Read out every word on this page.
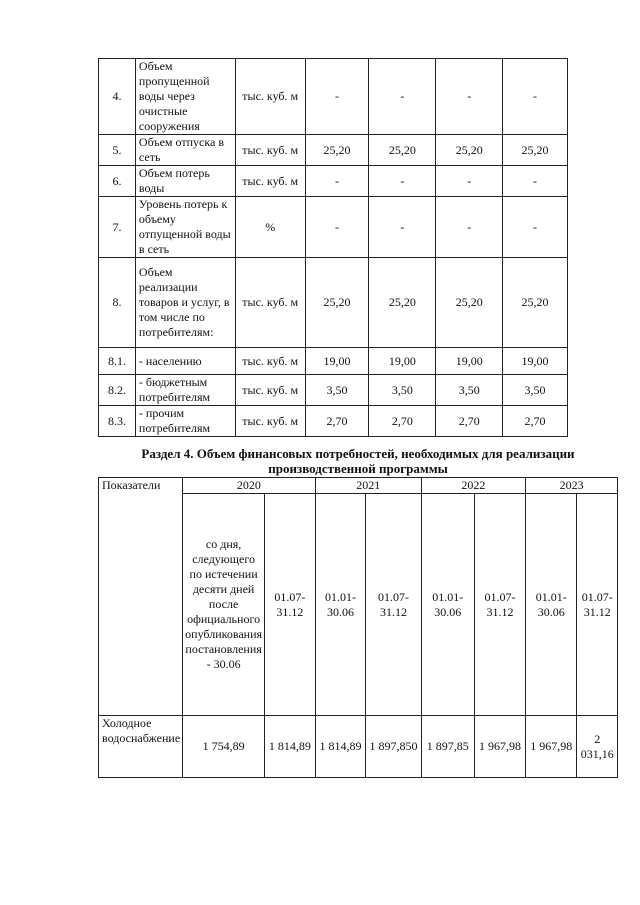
4.	Объем пропущенной воды через очистные сооружения	тыс. куб. м	-	-	-	-
5.	Объем отпуска в сеть	тыс. куб. м	25,20	25,20	25,20	25,20
6.	Объем потерь воды	тыс. куб. м	-	-	-	-
7.	Уровень потерь к объему отпущенной воды в сеть	%	-	-	-	-
8.	Объем реализации товаров и услуг, в том числе по потребителям:	тыс. куб. м	25,20	25,20	25,20	25,20
8.1.	- населению	тыс. куб. м	19,00	19,00	19,00	19,00
8.2.	- бюджетным потребителям	тыс. куб. м	3,50	3,50	3,50	3,50
8.3.	- прочим потребителям	тыс. куб. м	2,70	2,70	2,70	2,70
Раздел 4. Объем финансовых потребностей, необходимых для реализации производственной программы
Показатели	2020		2021		2022		2023	
	со дня, следующего по истечении десяти дней после официального опубликования постановления - 30.06	01.07-31.12	01.01-30.06	01.07-31.12	01.01-30.06	01.07-31.12	01.01-30.06	01.07-31.12
Холодное водоснабжение	1 754,89	1 814,89	1 814,89	1 897,850	1 897,85	1 967,98	1 967,98	2 031,16
